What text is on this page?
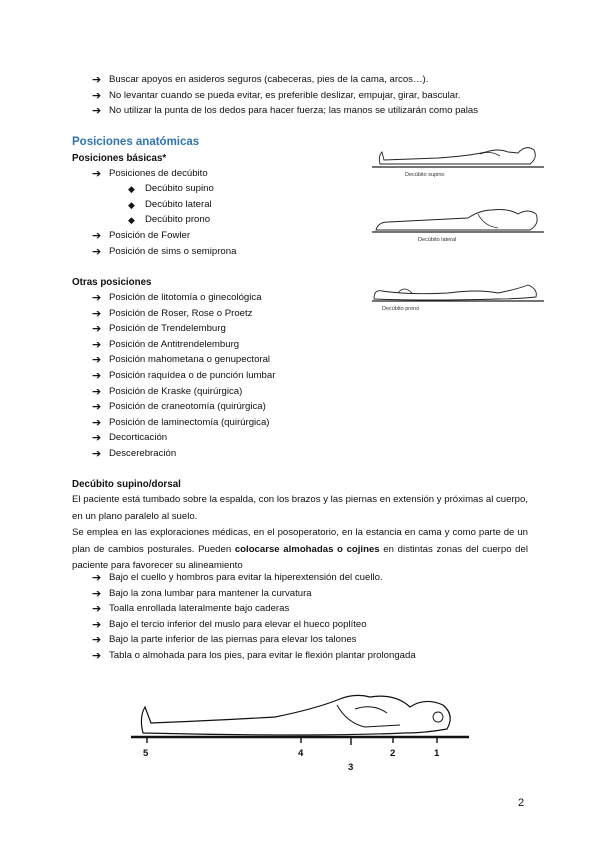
➔ Buscar apoyos en asideros seguros (cabeceras, pies de la cama, arcos…).
➔ No levantar cuando se pueda evitar, es preferible deslizar, empujar, girar, bascular.
➔ No utilizar la punta de los dedos para hacer fuerza; las manos se utilizarán como palas
Posiciones anatómicas
Posiciones básicas*
➔ Posiciones de decúbito
◆ Decúbito supino
◆ Decúbito lateral
◆ Decúbito prono
➔ Posición de Fowler
➔ Posición de sims o semiprona
Otras posiciones
➔ Posición de litotomía o ginecológica
➔ Posición de Roser, Rose o Proetz
➔ Posición de Trendelemburg
➔ Posición de Antitrendelemburg
➔ Posición mahometana o genupectoral
➔ Posición raquídea o de punción lumbar
➔ Posición de Kraske (quirúrgica)
➔ Posición de craneotomía (quirúrgica)
➔ Posición de laminectomía (quirúrgica)
➔ Decorticación
➔ Descerebración
Decúbito supino
Decúbito lateral
Decúbito prono
Decúbito supino/dorsal

El paciente está tumbado sobre la espalda, con los brazos y las piernas en extensión y próximas al cuerpo, en un plano paralelo al suelo.

Se emplea en las exploraciones médicas, en el posoperatorio, en la estancia en cama y como parte de un plan de cambios posturales. Pueden colocarse almohadas o cojines en distintas zonas del cuerpo del paciente para favorecer su alineamiento

➔ Bajo el cuello y hombros para evitar la hiperextensión del cuello.
➔ Bajo la zona lumbar para mantener la curvatura
➔ Toalla enrollada lateralmente bajo caderas
➔ Bajo el tercio inferior del muslo para elevar el hueco poplíteo
➔ Bajo la parte inferior de las piernas para elevar los talones
➔ Tabla o almohada para los pies, para evitar le flexión plantar prolongada
5	4
3
2	1
2
